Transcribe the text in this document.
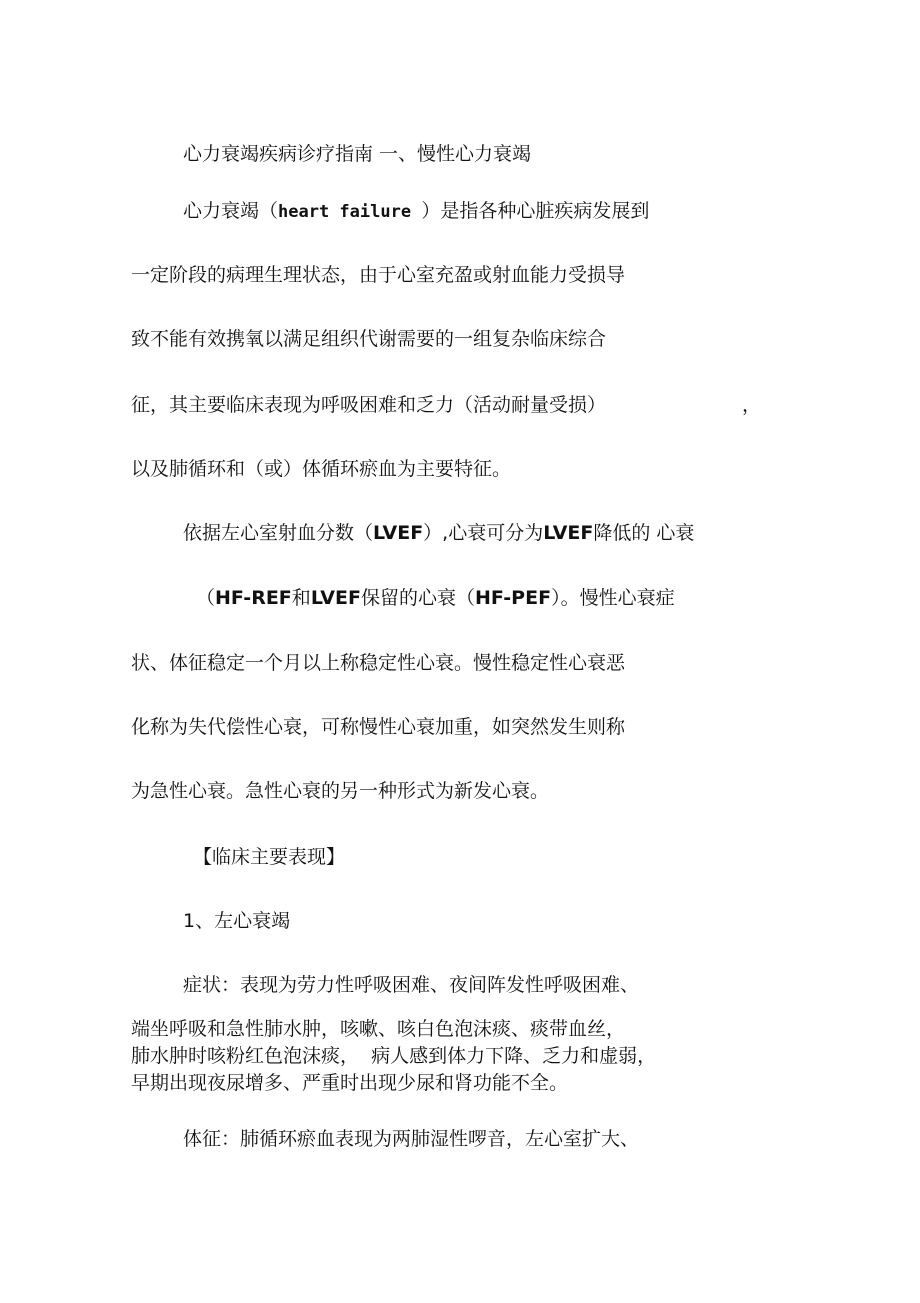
心力衰竭疾病诊疗指南 一、慢性心力衰竭
心力衰竭（heart failure ）是指各种心脏疾病发展到
一定阶段的病理生理状态，由于心室充盈或射血能力受损导
致不能有效携氧以满足组织代谢需要的一组复杂临床综合
征，其主要临床表现为呼吸困难和乏力（活动耐量受损）	，
以及肺循环和（或）体循环瘀血为主要特征。
依据左心室射血分数（LVEF）,心衰可分为LVEF降低的 心衰
（HF-REF和LVEF保留的心衰（HF-PEF）。慢性心衰症
状、体征稳定一个月以上称稳定性心衰。慢性稳定性心衰恶
化称为失代偿性心衰，可称慢性心衰加重，如突然发生则称
为急性心衰。急性心衰的另一种形式为新发心衰。
【临床主要表现】
1、左心衰竭
症状：表现为劳力性呼吸困难、夜间阵发性呼吸困难、
端坐呼吸和急性肺水肿，咳嗽、咳白色泡沫痰、痰带血丝，
肺水肿时咳粉红色泡沫痰，  病人感到体力下降、乏力和虚弱，
早期出现夜尿增多、严重时出现少尿和肾功能不全。
体征：肺循环瘀血表现为两肺湿性啰音，左心室扩大、
